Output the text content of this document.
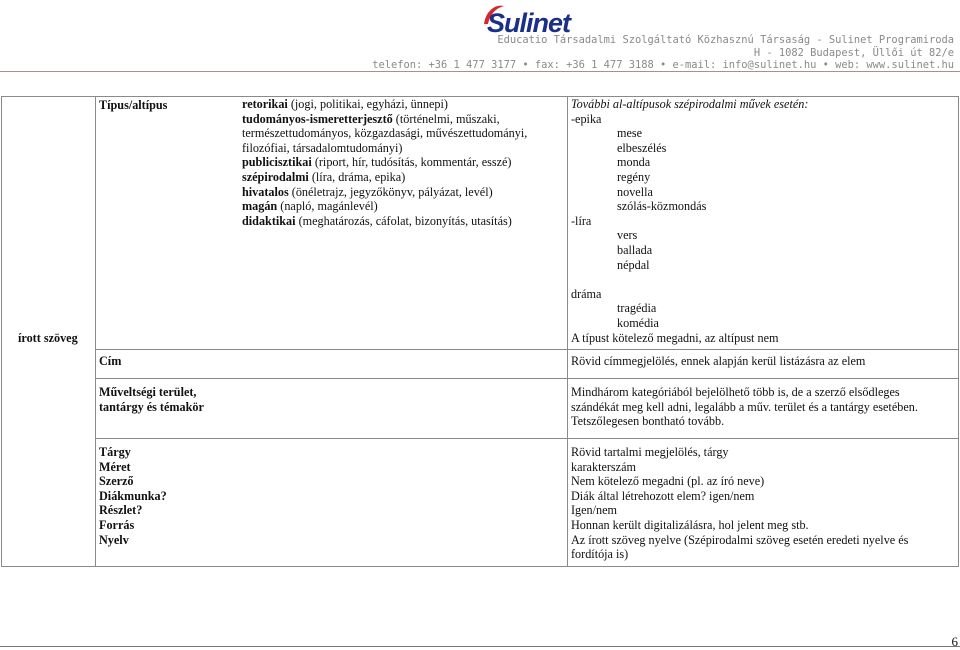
Sulinet
Educatio Társadalmi Szolgáltató Közhasznú Társaság - Sulinet Programiroda
H - 1082 Budapest, Üllői út 82/e
telefon: +36 1 477 3177 • fax: +36 1 477 3188 • e-mail: info@sulinet.hu • web: www.sulinet.hu
írott szöveg
Típus/altípus	retorikai (jogi, politikai, egyházi, ünnepi)
tudományos-ismeretterjesztő (történelmi, műszaki,
természettudományos, közgazdasági, művészettudományi,
filozófiai, társadalomtudományi)
publicisztikai (riport, hír, tudósítás, kommentár, esszé)
szépirodalmi (líra, dráma, epika)
hivatalos (önéletrajz, jegyzőkönyv, pályázat, levél)
magán (napló, magánlevél)
didaktikai (meghatározás, cáfolat, bizonyítás, utasítás)
További al-altípusok szépirodalmi művek esetén:
-epika
mese
elbeszélés
monda
regény
novella
szólás-közmondás
-líra
vers
ballada
népdal
dráma
tragédia
komédia
A típust kötelező megadni, az altípust nem
Cím	Rövid címmegjelölés, ennek alapján kerül listázásra az elem
Műveltségi terület,
tantárgy és témakör
Mindhárom kategóriából bejelölhető több is, de a szerző elsődleges
szándékát meg kell adni, legalább a műv. terület és a tantárgy esetében.
Tetszőlegesen bontható tovább.
Tárgy
Méret
Szerző
Diákmunka?
Részlet?
Forrás
Nyelv
Rövid tartalmi megjelölés, tárgy
karakterszám
Nem kötelező megadni (pl. az író neve)
Diák által létrehozott elem? igen/nem
Igen/nem
Honnan került digitalizálásra, hol jelent meg stb.
Az írott szöveg nyelve (Szépirodalmi szöveg esetén eredeti nyelve és
fordítója is)
6
